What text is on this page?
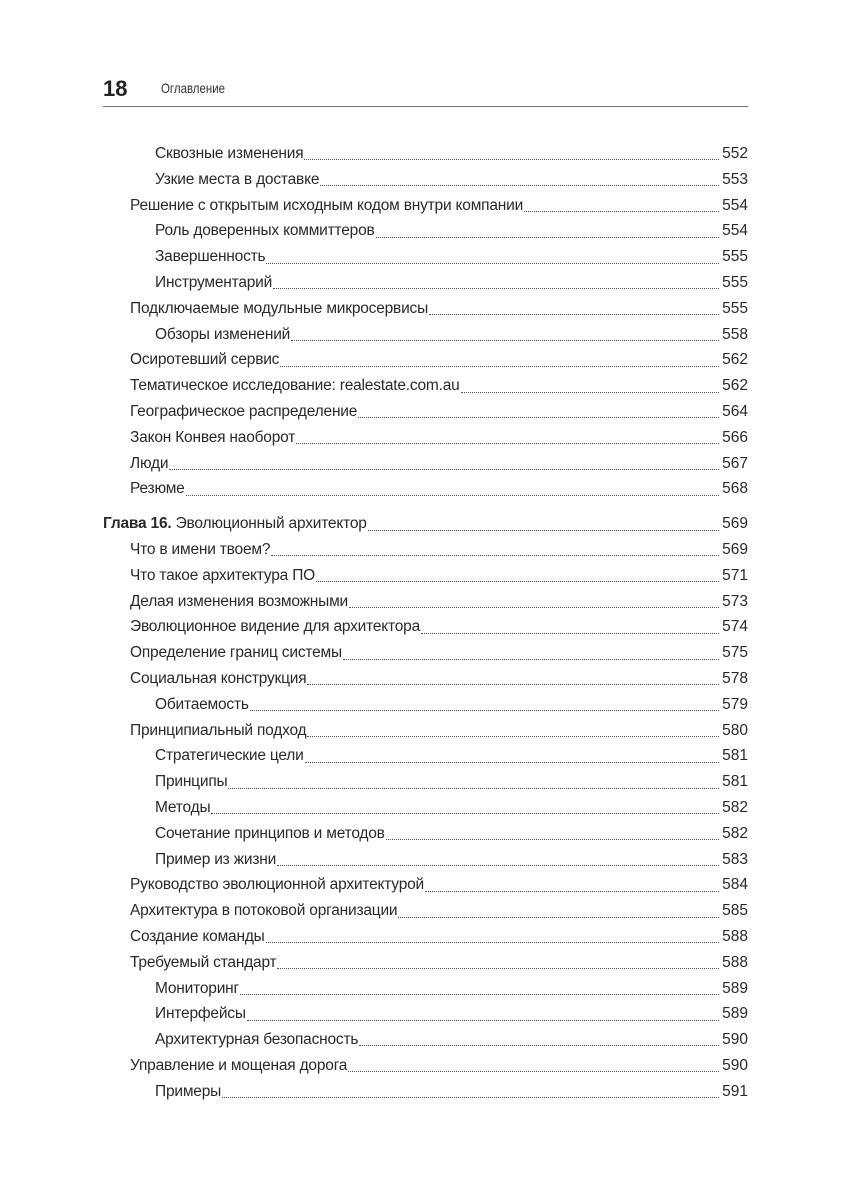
18 Оглавление
Сквозные изменения	552
Узкие места в доставке	553
Решение с открытым исходным кодом внутри компании	554
Роль доверенных коммиттеров	554
Завершенность	555
Инструментарий	555
Подключаемые модульные микросервисы	555
Обзоры изменений	558
Осиротевший сервис	562
Тематическое исследование: realestate.com.au	562
Географическое распределение	564
Закон Конвея наоборот	566
Люди	567
Резюме	568
Глава 16. Эволюционный архитектор	569
Что в имени твоем?	569
Что такое архитектура ПО	571
Делая изменения возможными	573
Эволюционное видение для архитектора	574
Определение границ системы	575
Социальная конструкция	578
Обитаемость	579
Принципиальный подход	580
Стратегические цели	581
Принципы	581
Методы	582
Сочетание принципов и методов	582
Пример из жизни	583
Руководство эволюционной архитектурой	584
Архитектура в потоковой организации	585
Создание команды	588
Требуемый стандарт	588
Мониторинг	589
Интерфейсы	589
Архитектурная безопасность	590
Управление и мощеная дорога	590
Примеры	591
